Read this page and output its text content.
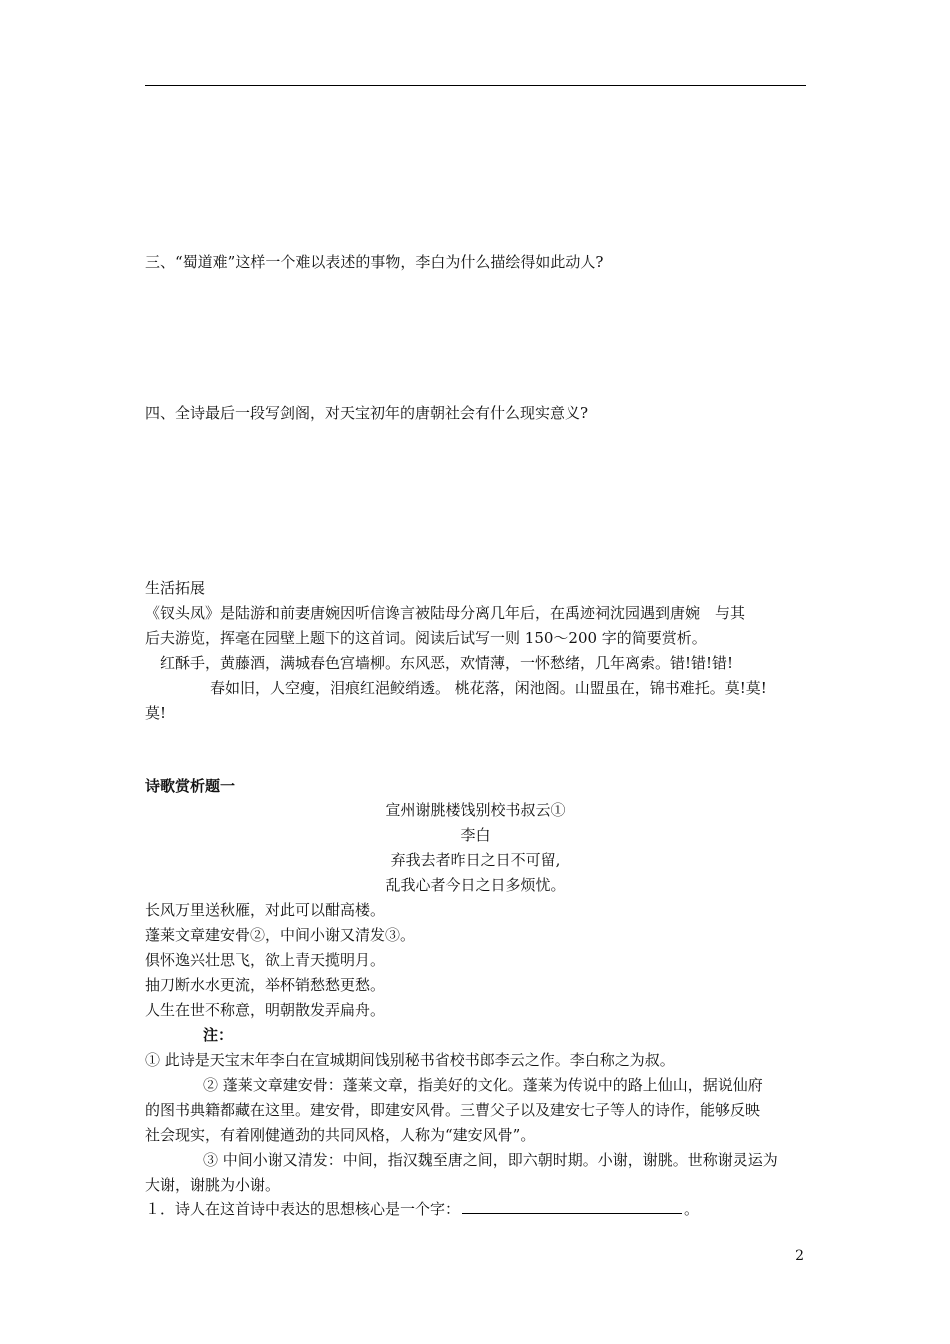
三、“蜀道难”这样一个难以表述的事物，李白为什么描绘得如此动人?

四、全诗最后一段写剑阁，对天宝初年的唐朝社会有什么现实意义?

生活拓展

《钗头凤》是陆游和前妻唐婉因听信谗言被陆母分离几年后，在禹迹祠沈园遇到唐婉　与其

后夫游览，挥毫在园壁上题下的这首词。阅读后试写一则 150～200 字的简要赏析。

红酥手，黄藤酒，满城春色宫墙柳。东风恶，欢情薄，一怀愁绪，几年离索。错!错!错!

春如旧，人空瘦，泪痕红浥鲛绡透。 桃花落，闲池阁。山盟虽在，锦书难托。莫!莫!

莫!

诗歌赏析题一

宣州谢朓楼饯别校书叔云①

李白

弃我去者昨日之日不可留,

乱我心者今日之日多烦忧。

长风万里送秋雁，对此可以酣高楼。

蓬莱文章建安骨②，中间小谢又清发③。

俱怀逸兴壮思飞，欲上青天揽明月。

抽刀断水水更流，举杯销愁愁更愁。

人生在世不称意，明朝散发弄扁舟。

注：

① 此诗是天宝末年李白在宣城期间饯别秘书省校书郎李云之作。李白称之为叔。

② 蓬莱文章建安骨：蓬莱文章，指美好的文化。蓬莱为传说中的路上仙山，据说仙府

的图书典籍都藏在这里。建安骨，即建安风骨。三曹父子以及建安七子等人的诗作，能够反映

社会现实，有着刚健遒劲的共同风格，人称为“建安风骨”。

③ 中间小谢又清发：中间，指汉魏至唐之间，即六朝时期。小谢，谢朓。世称谢灵运为

大谢，谢朓为小谢。

１．诗人在这首诗中表达的思想核心是一个字：	。

2
